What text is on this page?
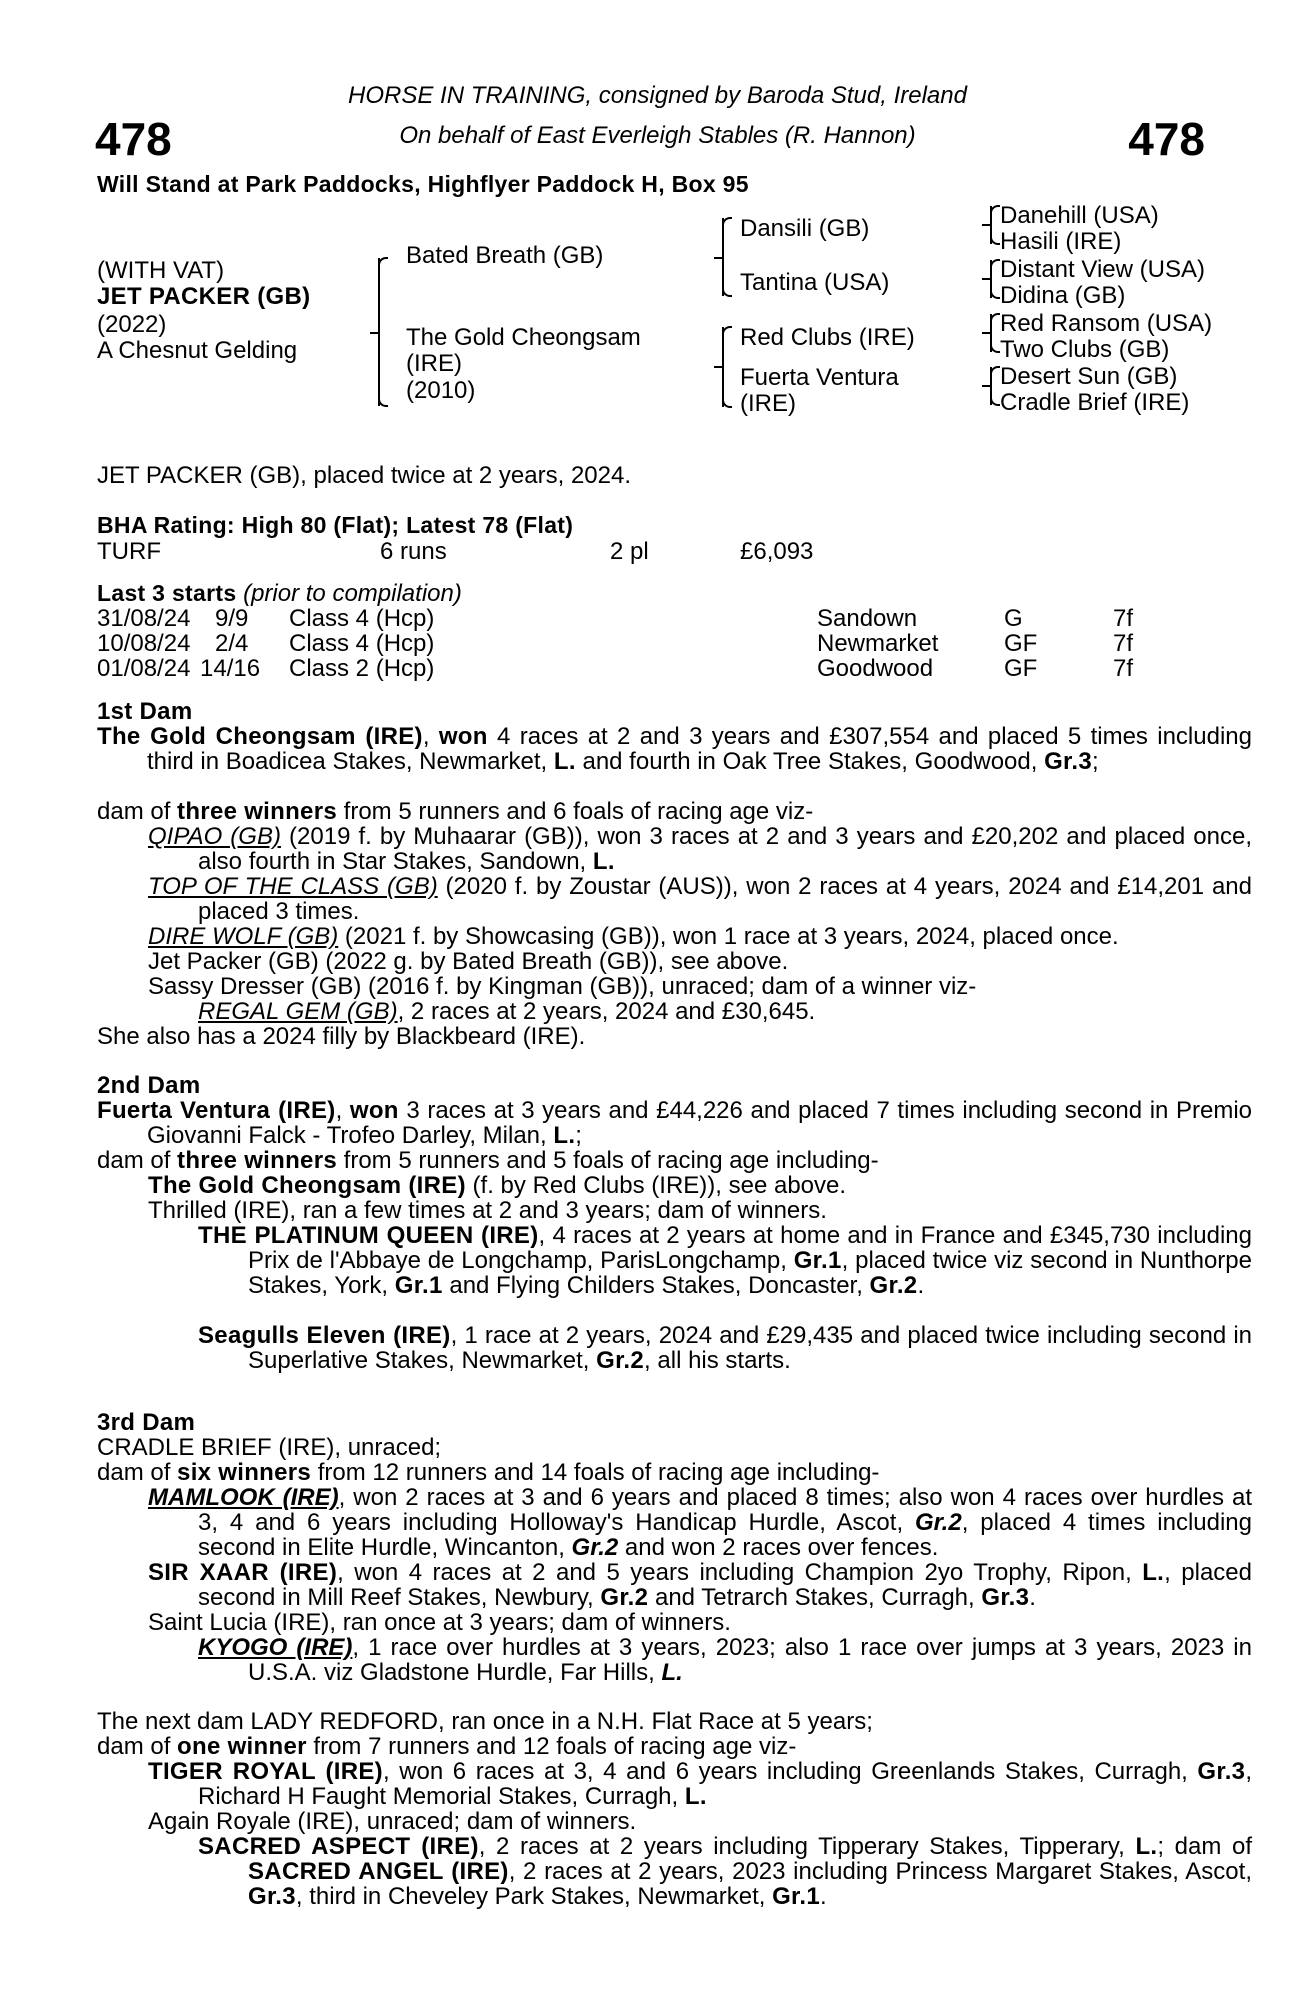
478	478
HORSE IN TRAINING, consigned by Baroda Stud, Ireland
On behalf of East Everleigh Stables (R. Hannon)
Will Stand at Park Paddocks, Highflyer Paddock H, Box 95
(WITH VAT)
JET PACKER (GB)
(2022)
A Chesnut Gelding
Bated Breath (GB)
The Gold Cheongsam
(IRE)
(2010)
Dansili (GB)
Tantina (USA)
Red Clubs (IRE)
Fuerta Ventura
(IRE)
Danehill (USA)
Hasili (IRE)
Distant View (USA)
Didina (GB)
Red Ransom (USA)
Two Clubs (GB)
Desert Sun (GB)
Cradle Brief (IRE)
JET PACKER (GB), placed twice at 2 years, 2024.
BHA Rating: High 80 (Flat); Latest 78 (Flat)
TURF	6 runs	2 pl	£6,093
Last 3 starts (prior to compilation)
31/08/24 9/9 Class 4 (Hcp)	Sandown	G	7f
10/08/24 2/4 Class 4 (Hcp)	Newmarket	GF	7f
01/08/24 14/16 Class 2 (Hcp)	Goodwood	GF	7f
1st Dam
The Gold Cheongsam (IRE), won 4 races at 2 and 3 years and £307,554 and placed 5 times including third in Boadicea Stakes, Newmarket, L. and fourth in Oak Tree Stakes, Goodwood, Gr.3;
dam of three winners from 5 runners and 6 foals of racing age viz-
QIPAO (GB) (2019 f. by Muhaarar (GB)), won 3 races at 2 and 3 years and £20,202 and placed once, also fourth in Star Stakes, Sandown, L.
TOP OF THE CLASS (GB) (2020 f. by Zoustar (AUS)), won 2 races at 4 years, 2024 and £14,201 and placed 3 times.
DIRE WOLF (GB) (2021 f. by Showcasing (GB)), won 1 race at 3 years, 2024, placed once.
Jet Packer (GB) (2022 g. by Bated Breath (GB)), see above.
Sassy Dresser (GB) (2016 f. by Kingman (GB)), unraced; dam of a winner viz-
REGAL GEM (GB), 2 races at 2 years, 2024 and £30,645.
She also has a 2024 filly by Blackbeard (IRE).
2nd Dam
Fuerta Ventura (IRE), won 3 races at 3 years and £44,226 and placed 7 times including second in Premio Giovanni Falck - Trofeo Darley, Milan, L.;
dam of three winners from 5 runners and 5 foals of racing age including-
The Gold Cheongsam (IRE) (f. by Red Clubs (IRE)), see above.
Thrilled (IRE), ran a few times at 2 and 3 years; dam of winners.
THE PLATINUM QUEEN (IRE), 4 races at 2 years at home and in France and £345,730 including Prix de l'Abbaye de Longchamp, ParisLongchamp, Gr.1, placed twice viz second in Nunthorpe Stakes, York, Gr.1 and Flying Childers Stakes, Doncaster, Gr.2.
Seagulls Eleven (IRE), 1 race at 2 years, 2024 and £29,435 and placed twice including second in Superlative Stakes, Newmarket, Gr.2, all his starts.
3rd Dam
CRADLE BRIEF (IRE), unraced;
dam of six winners from 12 runners and 14 foals of racing age including-
MAMLOOK (IRE), won 2 races at 3 and 6 years and placed 8 times; also won 4 races over hurdles at 3, 4 and 6 years including Holloway's Handicap Hurdle, Ascot, Gr.2, placed 4 times including second in Elite Hurdle, Wincanton, Gr.2 and won 2 races over fences.
SIR XAAR (IRE), won 4 races at 2 and 5 years including Champion 2yo Trophy, Ripon, L., placed second in Mill Reef Stakes, Newbury, Gr.2 and Tetrarch Stakes, Curragh, Gr.3.
Saint Lucia (IRE), ran once at 3 years; dam of winners.
KYOGO (IRE), 1 race over hurdles at 3 years, 2023; also 1 race over jumps at 3 years, 2023 in U.S.A. viz Gladstone Hurdle, Far Hills, L.
The next dam LADY REDFORD, ran once in a N.H. Flat Race at 5 years;
dam of one winner from 7 runners and 12 foals of racing age viz-
TIGER ROYAL (IRE), won 6 races at 3, 4 and 6 years including Greenlands Stakes, Curragh, Gr.3, Richard H Faught Memorial Stakes, Curragh, L.
Again Royale (IRE), unraced; dam of winners.
SACRED ASPECT (IRE), 2 races at 2 years including Tipperary Stakes, Tipperary, L.; dam of SACRED ANGEL (IRE), 2 races at 2 years, 2023 including Princess Margaret Stakes, Ascot, Gr.3, third in Cheveley Park Stakes, Newmarket, Gr.1.
